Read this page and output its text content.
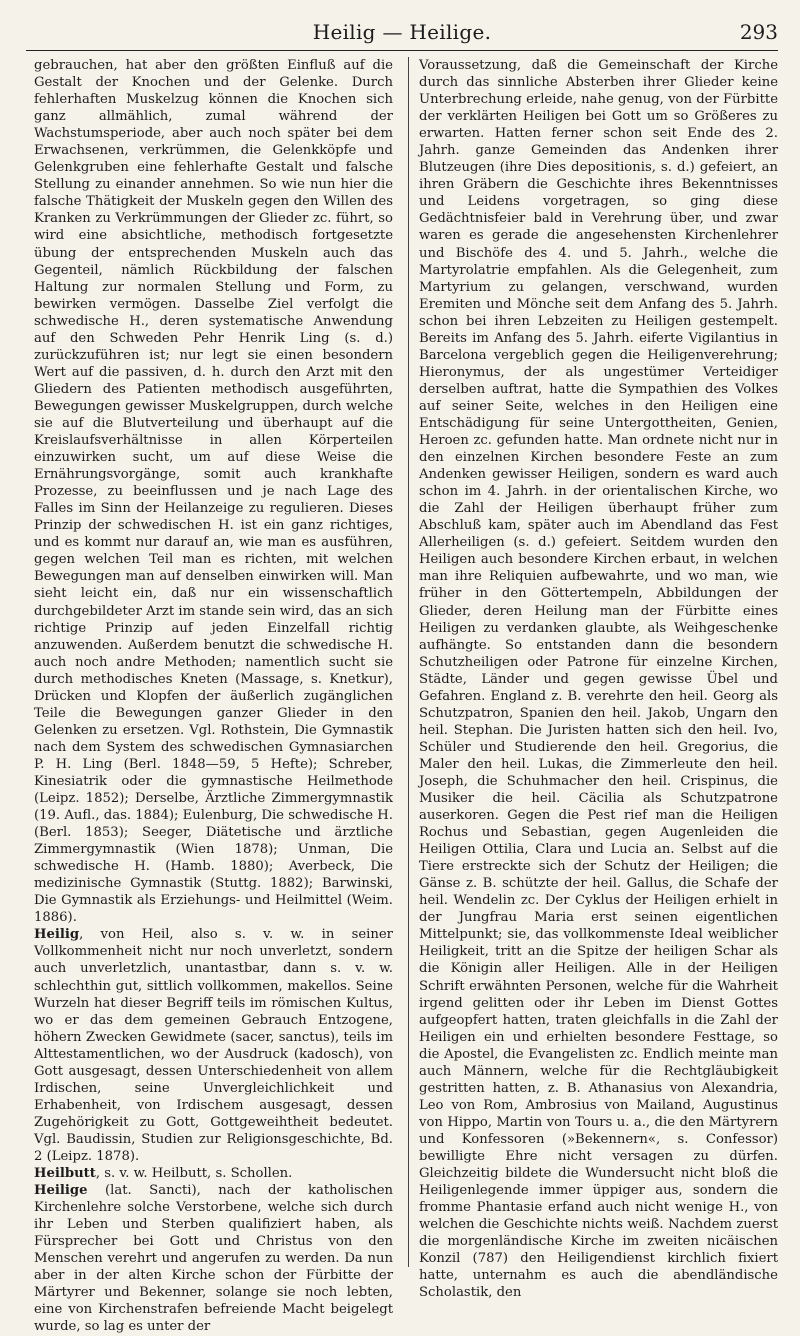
Heilig — Heilige.	293

gebrauchen, hat aber den größten Einfluß auf die Gestalt der Knochen und der Gelenke. Durch fehlerhaften Muskelzug können die Knochen sich ganz allmählich, zumal während der Wachstumsperiode, aber auch noch später bei dem Erwachsenen, verkrümmen, die Gelenkköpfe und Gelenkgruben eine fehlerhafte Gestalt und falsche Stellung zu einander annehmen. So wie nun hier die falsche Thätigkeit der Muskeln gegen den Willen des Kranken zu Verkrümmungen der Glieder zc. führt, so wird eine absichtliche, methodisch fortgesetzte übung der entsprechenden Muskeln auch das Gegenteil, nämlich Rückbildung der falschen Haltung zur normalen Stellung und Form, zu bewirken vermögen. Dasselbe Ziel verfolgt die schwedische H., deren systematische Anwendung auf den Schweden Pehr Henrik Ling (s. d.) zurückzuführen ist; nur legt sie einen besondern Wert auf die passiven, d. h. durch den Arzt mit den Gliedern des Patienten methodisch ausgeführten, Bewegungen gewisser Muskelgruppen, durch welche sie auf die Blutverteilung und überhaupt auf die Kreislaufsverhältnisse in allen Körperteilen einzuwirken sucht, um auf diese Weise die Ernährungsvorgänge, somit auch krankhafte Prozesse, zu beeinflussen und je nach Lage des Falles im Sinn der Heilanzeige zu regulieren. Dieses Prinzip der schwedischen H. ist ein ganz richtiges, und es kommt nur darauf an, wie man es ausführen, gegen welchen Teil man es richten, mit welchen Bewegungen man auf denselben einwirken will. Man sieht leicht ein, daß nur ein wissenschaftlich durchgebildeter Arzt im stande sein wird, das an sich richtige Prinzip auf jeden Einzelfall richtig anzuwenden. Außerdem benutzt die schwedische H. auch noch andre Methoden; namentlich sucht sie durch methodisches Kneten (Massage, s. Knetkur), Drücken und Klopfen der äußerlich zugänglichen Teile die Bewegungen ganzer Glieder in den Gelenken zu ersetzen. Vgl. Rothstein, Die Gymnastik nach dem System des schwedischen Gymnasiarchen P. H. Ling (Berl. 1848—59, 5 Hefte); Schreber, Kinesiatrik oder die gymnastische Heilmethode (Leipz. 1852); Derselbe, Ärztliche Zimmergymnastik (19. Aufl., das. 1884); Eulenburg, Die schwedische H. (Berl. 1853); Seeger, Diätetische und ärztliche Zimmergymnastik (Wien 1878); Unman, Die schwedische H. (Hamb. 1880); Averbeck, Die medizinische Gymnastik (Stuttg. 1882); Barwinski, Die Gymnastik als Erziehungs- und Heilmittel (Weim. 1886).

Heilig, von Heil, also s. v. w. in seiner Vollkommenheit nicht nur noch unverletzt, sondern auch unverletzlich, unantastbar, dann s. v. w. schlechthin gut, sittlich vollkommen, makellos. Seine Wurzeln hat dieser Begriff teils im römischen Kultus, wo er das dem gemeinen Gebrauch Entzogene, höhern Zwecken Gewidmete (sacer, sanctus), teils im Alttestamentlichen, wo der Ausdruck (kadosch), von Gott ausgesagt, dessen Unterschiedenheit von allem Irdischen, seine Unvergleichlichkeit und Erhabenheit, von Irdischem ausgesagt, dessen Zugehörigkeit zu Gott, Gottgeweihtheit bedeutet. Vgl. Baudissin, Studien zur Religionsgeschichte, Bd. 2 (Leipz. 1878).

Heilbutt, s. v. w. Heilbutt, s. Schollen.

Heilige (lat. Sancti), nach der katholischen Kirchenlehre solche Verstorbene, welche sich durch ihr Leben und Sterben qualifiziert haben, als Fürsprecher bei Gott und Christus von den Menschen verehrt und angerufen zu werden. Da nun aber in der alten Kirche schon der Fürbitte der Märtyrer und Bekenner, solange sie noch lebten, eine von Kirchenstrafen befreiende Macht beigelegt wurde, so lag es unter der

Voraussetzung, daß die Gemeinschaft der Kirche durch das sinnliche Absterben ihrer Glieder keine Unterbrechung erleide, nahe genug, von der Fürbitte der verklärten Heiligen bei Gott um so Größeres zu erwarten. Hatten ferner schon seit Ende des 2. Jahrh. ganze Gemeinden das Andenken ihrer Blutzeugen (ihre Dies depositionis, s. d.) gefeiert, an ihren Gräbern die Geschichte ihres Bekenntnisses und Leidens vorgetragen, so ging diese Gedächtnisfeier bald in Verehrung über, und zwar waren es gerade die angesehensten Kirchenlehrer und Bischöfe des 4. und 5. Jahrh., welche die Martyrolatrie empfahlen. Als die Gelegenheit, zum Martyrium zu gelangen, verschwand, wurden Eremiten und Mönche seit dem Anfang des 5. Jahrh. schon bei ihren Lebzeiten zu Heiligen gestempelt. Bereits im Anfang des 5. Jahrh. eiferte Vigilantius in Barcelona vergeblich gegen die Heiligenverehrung; Hieronymus, der als ungestümer Verteidiger derselben auftrat, hatte die Sympathien des Volkes auf seiner Seite, welches in den Heiligen eine Entschädigung für seine Untergottheiten, Genien, Heroen zc. gefunden hatte. Man ordnete nicht nur in den einzelnen Kirchen besondere Feste an zum Andenken gewisser Heiligen, sondern es ward auch schon im 4. Jahrh. in der orientalischen Kirche, wo die Zahl der Heiligen überhaupt früher zum Abschluß kam, später auch im Abendland das Fest Allerheiligen (s. d.) gefeiert. Seitdem wurden den Heiligen auch besondere Kirchen erbaut, in welchen man ihre Reliquien aufbewahrte, und wo man, wie früher in den Göttertempeln, Abbildungen der Glieder, deren Heilung man der Fürbitte eines Heiligen zu verdanken glaubte, als Weihgeschenke aufhängte. So entstanden dann die besondern Schutzheiligen oder Patrone für einzelne Kirchen, Städte, Länder und gegen gewisse Übel und Gefahren. England z. B. verehrte den heil. Georg als Schutzpatron, Spanien den heil. Jakob, Ungarn den heil. Stephan. Die Juristen hatten sich den heil. Ivo, Schüler und Studierende den heil. Gregorius, die Maler den heil. Lukas, die Zimmerleute den heil. Joseph, die Schuhmacher den heil. Crispinus, die Musiker die heil. Cäcilia als Schutzpatrone auserkoren. Gegen die Pest rief man die Heiligen Rochus und Sebastian, gegen Augenleiden die Heiligen Ottilia, Clara und Lucia an. Selbst auf die Tiere erstreckte sich der Schutz der Heiligen; die Gänse z. B. schützte der heil. Gallus, die Schafe der heil. Wendelin zc. Der Cyklus der Heiligen erhielt in der Jungfrau Maria erst seinen eigentlichen Mittelpunkt; sie, das vollkommenste Ideal weiblicher Heiligkeit, tritt an die Spitze der heiligen Schar als die Königin aller Heiligen. Alle in der Heiligen Schrift erwähnten Personen, welche für die Wahrheit irgend gelitten oder ihr Leben im Dienst Gottes aufgeopfert hatten, traten gleichfalls in die Zahl der Heiligen ein und erhielten besondere Festtage, so die Apostel, die Evangelisten zc. Endlich meinte man auch Männern, welche für die Rechtgläubigkeit gestritten hatten, z. B. Athanasius von Alexandria, Leo von Rom, Ambrosius von Mailand, Augustinus von Hippo, Martin von Tours u. a., die den Märtyrern und Konfessoren (»Bekennern«, s. Confessor) bewilligte Ehre nicht versagen zu dürfen. Gleichzeitig bildete die Wundersucht nicht bloß die Heiligenlegende immer üppiger aus, sondern die fromme Phantasie erfand auch nicht wenige H., von welchen die Geschichte nichts weiß. Nachdem zuerst die morgenländische Kirche im zweiten nicäischen Konzil (787) den Heiligendienst kirchlich fixiert hatte, unternahm es auch die abendländische Scholastik, den
